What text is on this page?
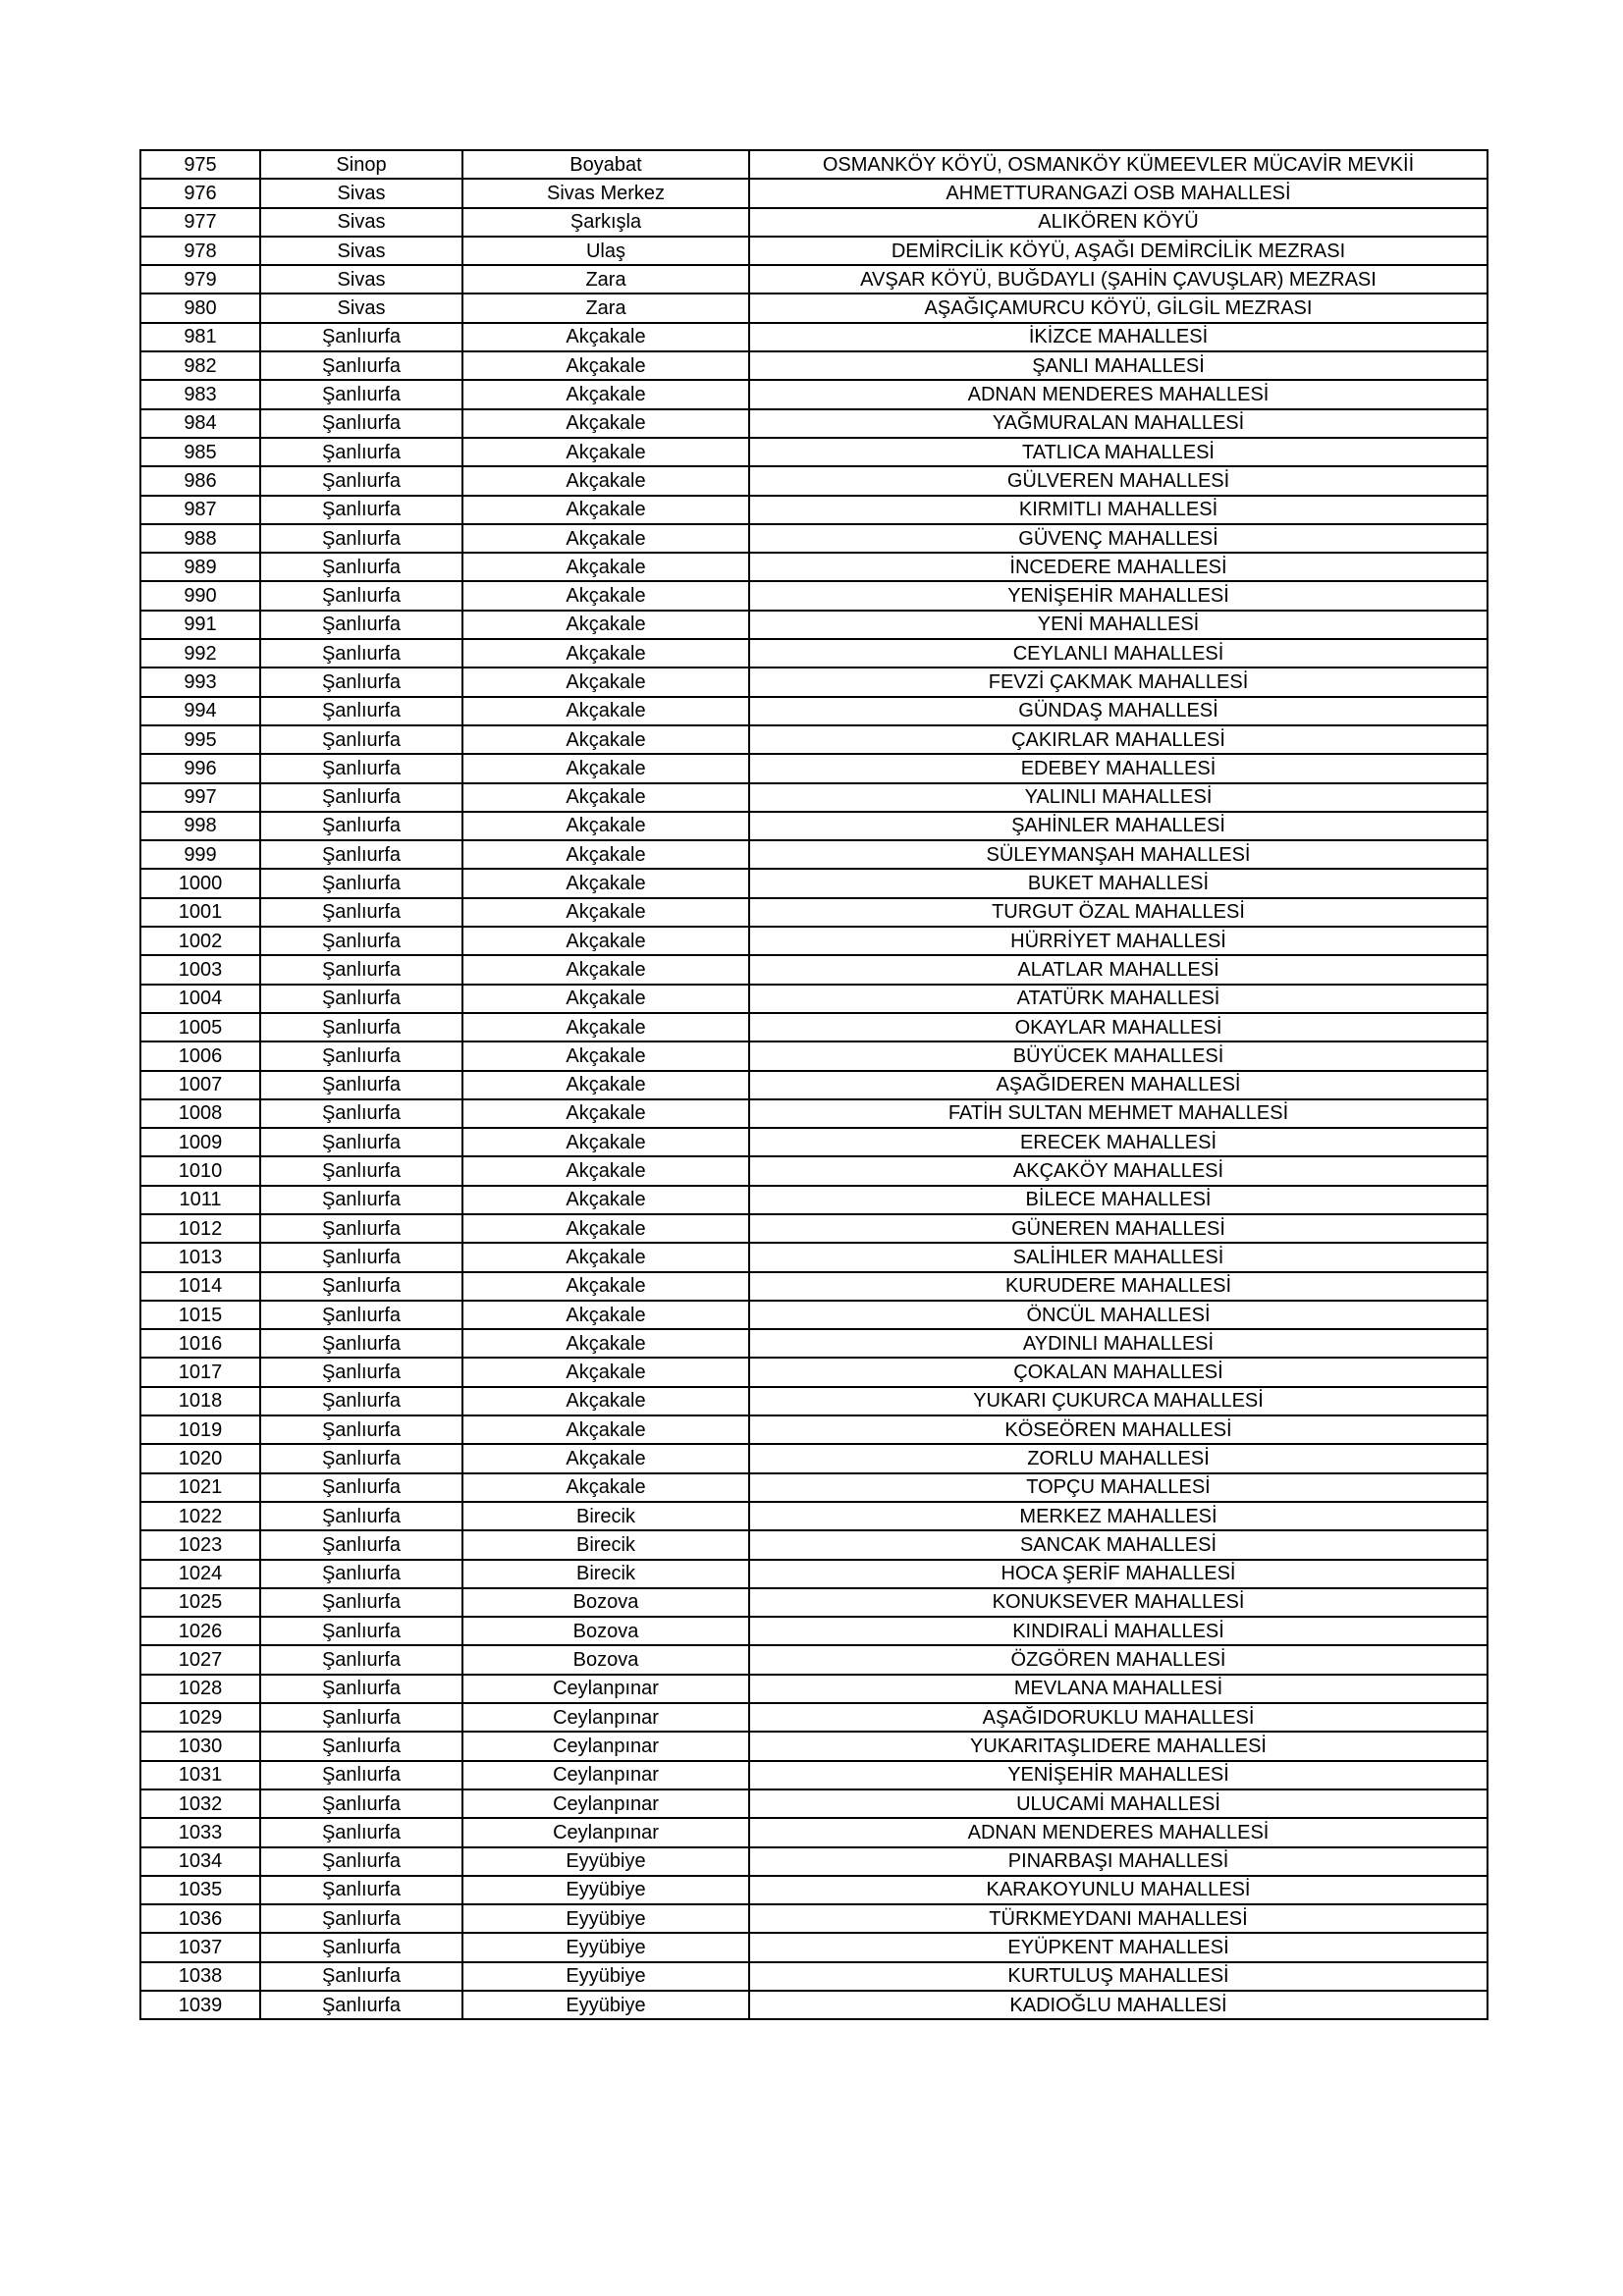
975	Sinop	Boyabat	OSMANKÖY KÖYÜ, OSMANKÖY KÜMEEVLER MÜCAVİR MEVKİİ
976	Sivas	Sivas Merkez	AHMETTURANGAZİ OSB MAHALLESİ
977	Sivas	Şarkışla	ALIKÖREN KÖYÜ
978	Sivas	Ulaş	DEMİRCİLİK KÖYÜ, AŞAĞI DEMİRCİLİK MEZRASI
979	Sivas	Zara	AVŞAR KÖYÜ, BUĞDAYLI (ŞAHİN ÇAVUŞLAR) MEZRASI
980	Sivas	Zara	AŞAĞIÇAMURCU KÖYÜ, GİLGİL MEZRASI
981	Şanlıurfa	Akçakale	İKİZCE MAHALLESİ
982	Şanlıurfa	Akçakale	ŞANLI MAHALLESİ
983	Şanlıurfa	Akçakale	ADNAN MENDERES MAHALLESİ
984	Şanlıurfa	Akçakale	YAĞMURALAN MAHALLESİ
985	Şanlıurfa	Akçakale	TATLICA MAHALLESİ
986	Şanlıurfa	Akçakale	GÜLVEREN MAHALLESİ
987	Şanlıurfa	Akçakale	KIRMITLI MAHALLESİ
988	Şanlıurfa	Akçakale	GÜVENÇ MAHALLESİ
989	Şanlıurfa	Akçakale	İNCEDERE MAHALLESİ
990	Şanlıurfa	Akçakale	YENİŞEHİR MAHALLESİ
991	Şanlıurfa	Akçakale	YENİ MAHALLESİ
992	Şanlıurfa	Akçakale	CEYLANLI MAHALLESİ
993	Şanlıurfa	Akçakale	FEVZİ ÇAKMAK MAHALLESİ
994	Şanlıurfa	Akçakale	GÜNDAŞ MAHALLESİ
995	Şanlıurfa	Akçakale	ÇAKIRLAR MAHALLESİ
996	Şanlıurfa	Akçakale	EDEBEY MAHALLESİ
997	Şanlıurfa	Akçakale	YALINLI MAHALLESİ
998	Şanlıurfa	Akçakale	ŞAHİNLER MAHALLESİ
999	Şanlıurfa	Akçakale	SÜLEYMANŞAH MAHALLESİ
1000	Şanlıurfa	Akçakale	BUKET MAHALLESİ
1001	Şanlıurfa	Akçakale	TURGUT ÖZAL MAHALLESİ
1002	Şanlıurfa	Akçakale	HÜRRİYET MAHALLESİ
1003	Şanlıurfa	Akçakale	ALATLAR MAHALLESİ
1004	Şanlıurfa	Akçakale	ATATÜRK MAHALLESİ
1005	Şanlıurfa	Akçakale	OKAYLAR MAHALLESİ
1006	Şanlıurfa	Akçakale	BÜYÜCEK MAHALLESİ
1007	Şanlıurfa	Akçakale	AŞAĞIDEREN MAHALLESİ
1008	Şanlıurfa	Akçakale	FATİH SULTAN MEHMET MAHALLESİ
1009	Şanlıurfa	Akçakale	ERECEK MAHALLESİ
1010	Şanlıurfa	Akçakale	AKÇAKÖY MAHALLESİ
1011	Şanlıurfa	Akçakale	BİLECE MAHALLESİ
1012	Şanlıurfa	Akçakale	GÜNEREN MAHALLESİ
1013	Şanlıurfa	Akçakale	SALİHLER MAHALLESİ
1014	Şanlıurfa	Akçakale	KURUDERE MAHALLESİ
1015	Şanlıurfa	Akçakale	ÖNCÜL MAHALLESİ
1016	Şanlıurfa	Akçakale	AYDINLI MAHALLESİ
1017	Şanlıurfa	Akçakale	ÇOKALAN MAHALLESİ
1018	Şanlıurfa	Akçakale	YUKARI ÇUKURCA MAHALLESİ
1019	Şanlıurfa	Akçakale	KÖSEÖREN MAHALLESİ
1020	Şanlıurfa	Akçakale	ZORLU MAHALLESİ
1021	Şanlıurfa	Akçakale	TOPÇU MAHALLESİ
1022	Şanlıurfa	Birecik	MERKEZ MAHALLESİ
1023	Şanlıurfa	Birecik	SANCAK MAHALLESİ
1024	Şanlıurfa	Birecik	HOCA ŞERİF MAHALLESİ
1025	Şanlıurfa	Bozova	KONUKSEVER MAHALLESİ
1026	Şanlıurfa	Bozova	KINDIRALİ MAHALLESİ
1027	Şanlıurfa	Bozova	ÖZGÖREN MAHALLESİ
1028	Şanlıurfa	Ceylanpınar	MEVLANA MAHALLESİ
1029	Şanlıurfa	Ceylanpınar	AŞAĞIDORUKLU MAHALLESİ
1030	Şanlıurfa	Ceylanpınar	YUKARITAŞLIDERE MAHALLESİ
1031	Şanlıurfa	Ceylanpınar	YENİŞEHİR MAHALLESİ
1032	Şanlıurfa	Ceylanpınar	ULUCAMİ MAHALLESİ
1033	Şanlıurfa	Ceylanpınar	ADNAN MENDERES MAHALLESİ
1034	Şanlıurfa	Eyyübiye	PINARBAŞI MAHALLESİ
1035	Şanlıurfa	Eyyübiye	KARAKOYUNLU MAHALLESİ
1036	Şanlıurfa	Eyyübiye	TÜRKMEYDANI MAHALLESİ
1037	Şanlıurfa	Eyyübiye	EYÜPKENT MAHALLESİ
1038	Şanlıurfa	Eyyübiye	KURTULUŞ MAHALLESİ
1039	Şanlıurfa	Eyyübiye	KADIOĞLU MAHALLESİ
